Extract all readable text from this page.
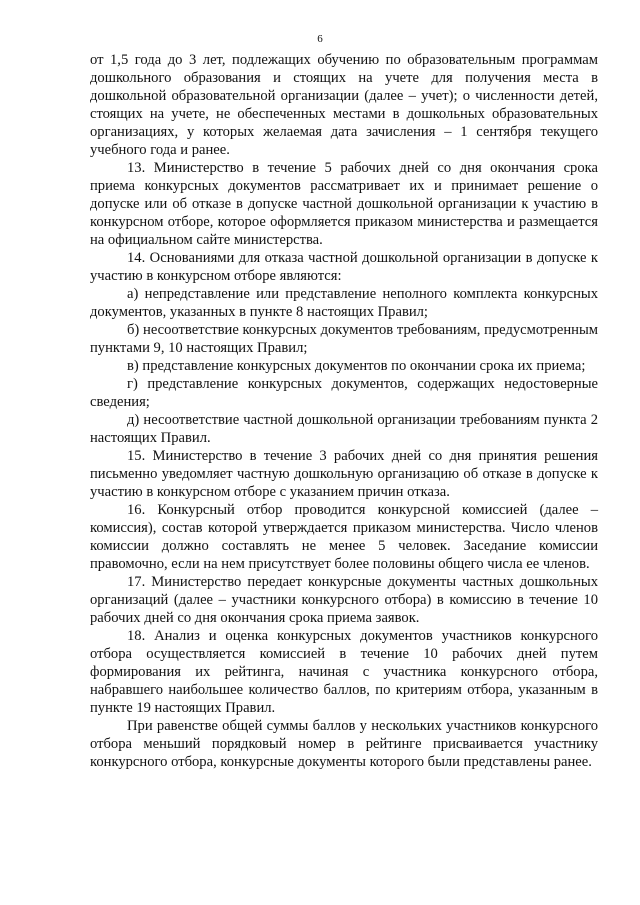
6

от 1,5 года до 3 лет, подлежащих обучению по образовательным программам дошкольного образования и стоящих на учете для получения места в дошкольной образовательной организации (далее – учет); о численности детей, стоящих на учете, не обеспеченных местами в дошкольных образовательных организациях, у которых желаемая дата зачисления – 1 сентября текущего учебного года и ранее.

13. Министерство в течение 5 рабочих дней со дня окончания срока приема конкурсных документов рассматривает их и принимает решение о допуске или об отказе в допуске частной дошкольной организации к участию в конкурсном отборе, которое оформляется приказом министерства и размещается на официальном сайте министерства.

14. Основаниями для отказа частной дошкольной организации в допуске к участию в конкурсном отборе являются:

а) непредставление или представление неполного комплекта конкурсных документов, указанных в пункте 8 настоящих Правил;

б) несоответствие конкурсных документов требованиям, предусмотренным пунктами 9, 10 настоящих Правил;

в) представление конкурсных документов по окончании срока их приема;

г) представление конкурсных документов, содержащих недостоверные сведения;

д) несоответствие частной дошкольной организации требованиям пункта 2 настоящих Правил.

15. Министерство в течение 3 рабочих дней со дня принятия решения письменно уведомляет частную дошкольную организацию об отказе в допуске к участию в конкурсном отборе с указанием причин отказа.

16. Конкурсный отбор проводится конкурсной комиссией (далее – комиссия), состав которой утверждается приказом министерства. Число членов комиссии должно составлять не менее 5 человек. Заседание комиссии правомочно, если на нем присутствует более половины общего числа ее членов.

17. Министерство передает конкурсные документы частных дошкольных организаций (далее – участники конкурсного отбора) в комиссию в течение 10 рабочих дней со дня окончания срока приема заявок.

18. Анализ и оценка конкурсных документов участников конкурсного отбора осуществляется комиссией в течение 10 рабочих дней путем формирования их рейтинга, начиная с участника конкурсного отбора, набравшего наибольшее количество баллов, по критериям отбора, указанным в пункте 19 настоящих Правил.

При равенстве общей суммы баллов у нескольких участников конкурсного отбора меньший порядковый номер в рейтинге присваивается участнику конкурсного отбора, конкурсные документы которого были представлены ранее.
